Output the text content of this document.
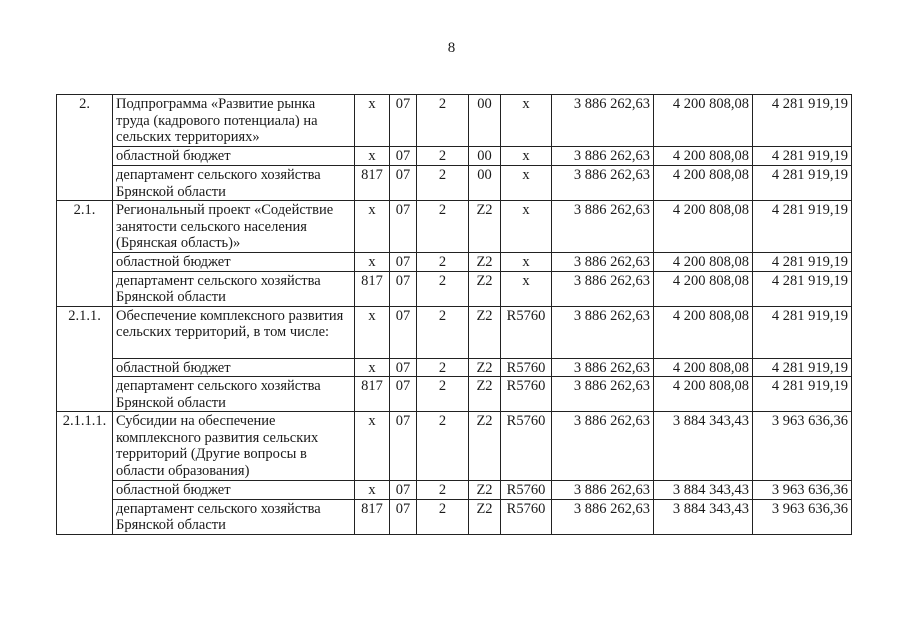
8
2.	Подпрограмма «Развитие рынка труда (кадрового потенциала) на сельских территориях»	х	07	2	00	х	3 886 262,63	4 200 808,08	4 281 919,19
	областной бюджет	х	07	2	00	х	3 886 262,63	4 200 808,08	4 281 919,19
	департамент сельского хозяйства Брянской области	817	07	2	00	х	3 886 262,63	4 200 808,08	4 281 919,19
2.1.	Региональный проект «Содействие занятости сельского населения (Брянская область)»	х	07	2	Z2	х	3 886 262,63	4 200 808,08	4 281 919,19
	областной бюджет	х	07	2	Z2	х	3 886 262,63	4 200 808,08	4 281 919,19
	департамент сельского хозяйства Брянской области	817	07	2	Z2	х	3 886 262,63	4 200 808,08	4 281 919,19
2.1.1.	Обеспечение комплексного развития сельских территорий, в том числе:	х	07	2	Z2	R5760	3 886 262,63	4 200 808,08	4 281 919,19
	областной бюджет	х	07	2	Z2	R5760	3 886 262,63	4 200 808,08	4 281 919,19
	департамент сельского хозяйства Брянской области	817	07	2	Z2	R5760	3 886 262,63	4 200 808,08	4 281 919,19
2.1.1.1.	Субсидии на обеспечение комплексного развития сельских территорий (Другие вопросы в области образования)	х	07	2	Z2	R5760	3 886 262,63	3 884 343,43	3 963 636,36
	областной бюджет	х	07	2	Z2	R5760	3 886 262,63	3 884 343,43	3 963 636,36
	департамент сельского хозяйства Брянской области	817	07	2	Z2	R5760	3 886 262,63	3 884 343,43	3 963 636,36
